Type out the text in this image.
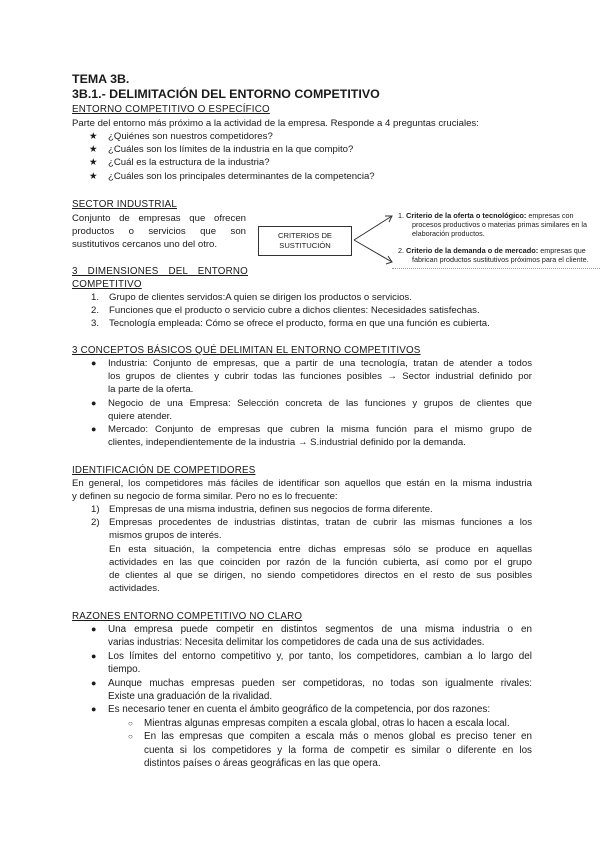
TEMA 3B.
3B.1.- DELIMITACIÓN DEL ENTORNO COMPETITIVO
ENTORNO COMPETITIVO O ESPECÍFICO
Parte del entorno más próximo a la actividad de la empresa. Responde a 4 preguntas cruciales:
★ ¿Quiénes son nuestros competidores?
★ ¿Cuáles son los límites de la industria en la que compito?
★ ¿Cuál es la estructura de la industria?
★ ¿Cuáles son los principales determinantes de la competencia?
SECTOR INDUSTRIAL
Conjunto de empresas que ofrecen
productos o servicios que son
sustitutivos cercanos uno del otro.
CRITERIOS DE
SUSTITUCIÓN
1. Criterio de la oferta o tecnológico: empresas con
procesos productivos o materias primas similares en la
elaboración productos.
2. Criterio de la demanda o de mercado: empresas que
fabrican productos sustitutivos próximos para el cliente.
3 DIMENSIONES DEL ENTORNO
COMPETITIVO
1. Grupo de clientes servidos:A quien se dirigen los productos o servicios.
2. Funciones que el producto o servicio cubre a dichos clientes: Necesidades satisfechas.
3. Tecnología empleada: Cómo se ofrece el producto, forma en que una función es cubierta.
3 CONCEPTOS BÁSICOS QUÉ DELIMITAN EL ENTORNO COMPETITIVOS
● Industria: Conjunto de empresas, que a partir de una tecnología, tratan de atender a todos
los grupos de clientes y cubrir todas las funciones posibles → Sector industrial definido por
la parte de la oferta.
● Negocio de una Empresa: Selección concreta de las funciones y grupos de clientes que
quiere atender.
● Mercado: Conjunto de empresas que cubren la misma función para el mismo grupo de
clientes, independientemente de la industria → S.industrial definido por la demanda.
IDENTIFICACIÓN DE COMPETIDORES
En general, los competidores más fáciles de identificar son aquellos que están en la misma industria
y definen su negocio de forma similar. Pero no es lo frecuente:
1) Empresas de una misma industria, definen sus negocios de forma diferente.
2) Empresas procedentes de industrias distintas, tratan de cubrir las mismas funciones a los
mismos grupos de interés.
En esta situación, la competencia entre dichas empresas sólo se produce en aquellas
actividades en las que coinciden por razón de la función cubierta, así como por el grupo
de clientes al que se dirigen, no siendo competidores directos en el resto de sus posibles
actividades.
RAZONES ENTORNO COMPETITIVO NO CLARO
● Una empresa puede competir en distintos segmentos de una misma industria o en
varias industrias: Necesita delimitar los competidores de cada una de sus actividades.
● Los límites del entorno competitivo y, por tanto, los competidores, cambian a lo largo del
tiempo.
● Aunque muchas empresas pueden ser competidoras, no todas son igualmente rivales:
Existe una graduación de la rivalidad.
● Es necesario tener en cuenta el ámbito geográfico de la competencia, por dos razones:
○ Mientras algunas empresas compiten a escala global, otras lo hacen a escala local.
○ En las empresas que compiten a escala más o menos global es preciso tener en
cuenta si los competidores y la forma de competir es similar o diferente en los
distintos países o áreas geográficas en las que opera.
